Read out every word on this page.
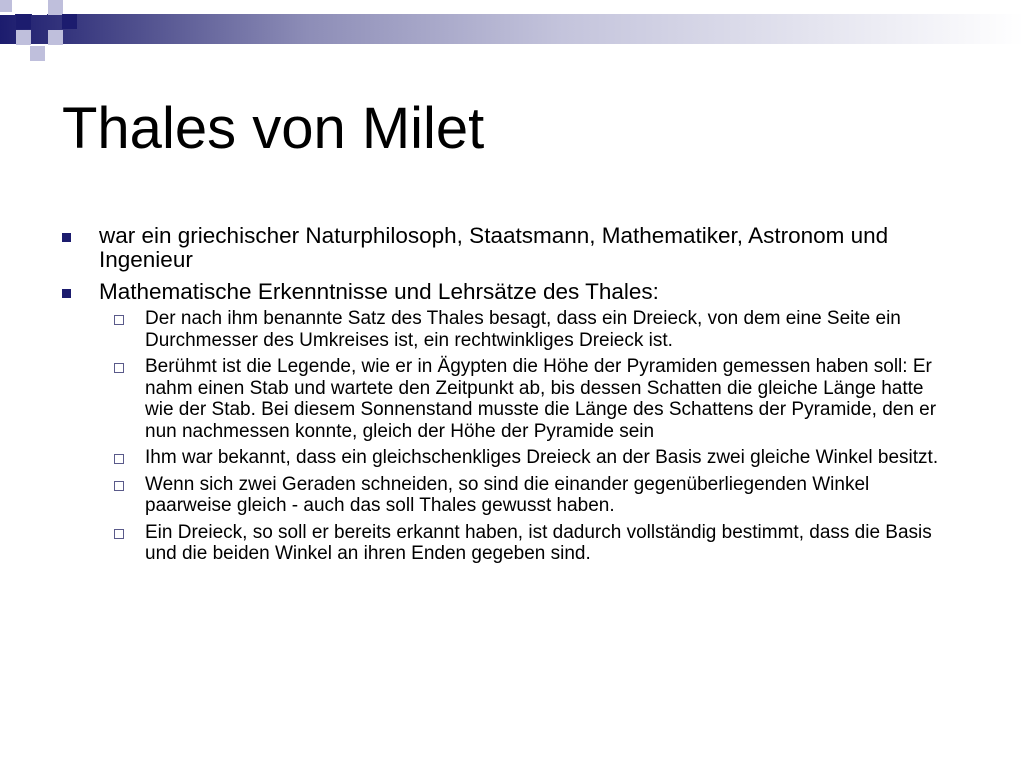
Thales von Milet
war ein griechischer Naturphilosoph, Staatsmann, Mathematiker, Astronom und Ingenieur
Mathematische Erkenntnisse und Lehrsätze des Thales:
Der nach ihm benannte Satz des Thales besagt, dass ein Dreieck, von dem eine Seite ein Durchmesser des Umkreises ist, ein rechtwinkliges Dreieck ist.
Berühmt ist die Legende, wie er in Ägypten die Höhe der Pyramiden gemessen haben soll: Er nahm einen Stab und wartete den Zeitpunkt ab, bis dessen Schatten die gleiche Länge hatte wie der Stab. Bei diesem Sonnenstand musste die Länge des Schattens der Pyramide, den er nun nachmessen konnte, gleich der Höhe der Pyramide sein
Ihm war bekannt, dass ein gleichschenkliges Dreieck an der Basis zwei gleiche Winkel besitzt.
Wenn sich zwei Geraden schneiden, so sind die einander gegenüberliegenden Winkel paarweise gleich - auch das soll Thales gewusst haben.
Ein Dreieck, so soll er bereits erkannt haben, ist dadurch vollständig bestimmt, dass die Basis und die beiden Winkel an ihren Enden gegeben sind.
